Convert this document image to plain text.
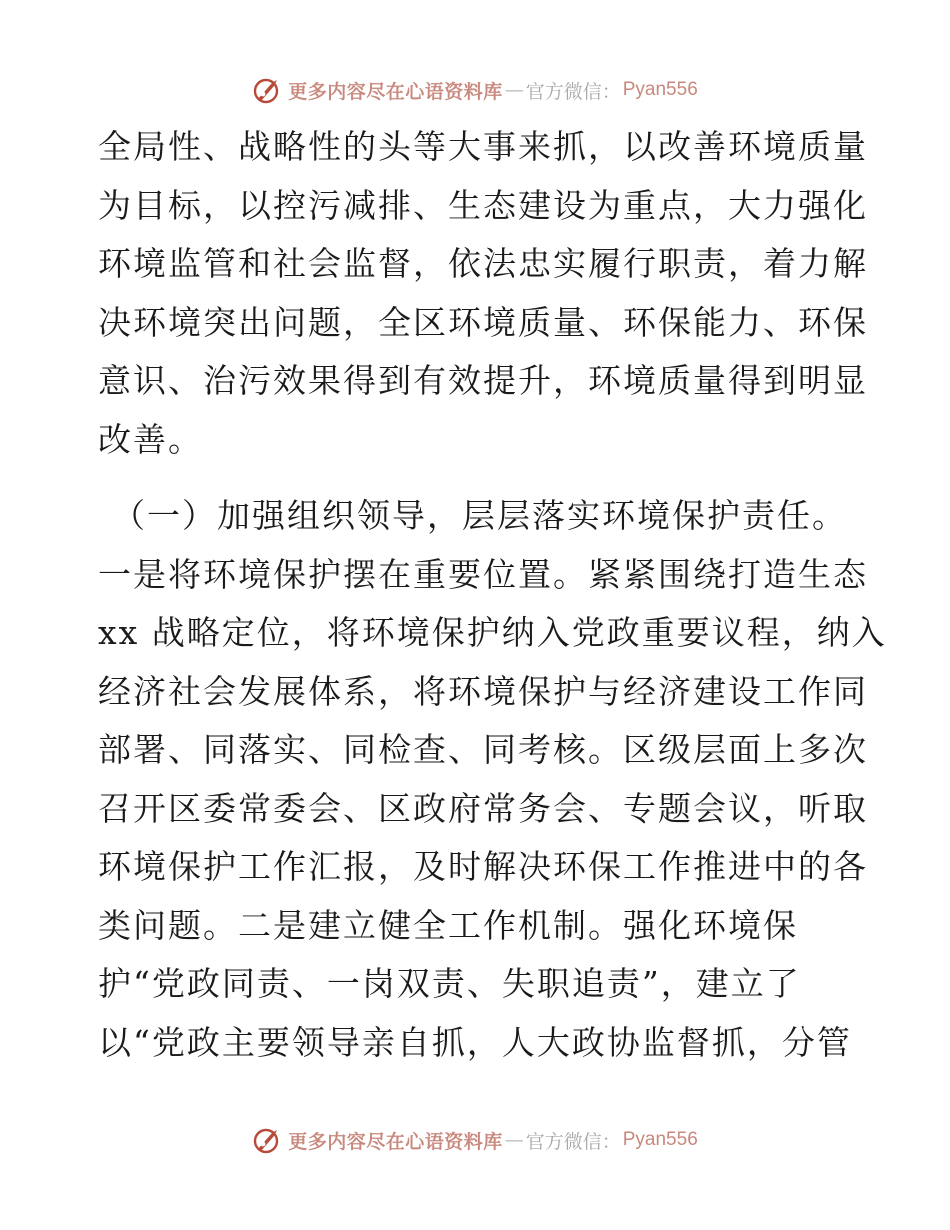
更多内容尽在心语资料库 — 官方微信： Pyan556
全局性、战略性的头等大事来抓，以改善环境质量
为目标，以控污减排、生态建设为重点，大力强化
环境监管和社会监督，依法忠实履行职责，着力解
决环境突出问题，全区环境质量、环保能力、环保
意识、治污效果得到有效提升，环境质量得到明显
改善。
（一）加强组织领导，层层落实环境保护责任。
一是将环境保护摆在重要位置。紧紧围绕打造生态
xx 战略定位，将环境保护纳入党政重要议程，纳入
经济社会发展体系，将环境保护与经济建设工作同
部署、同落实、同检查、同考核。区级层面上多次
召开区委常委会、区政府常务会、专题会议，听取
环境保护工作汇报，及时解决环保工作推进中的各
类问题。二是建立健全工作机制。强化环境保
护“党政同责、一岗双责、失职追责”，建立了
以“党政主要领导亲自抓，人大政协监督抓，分管
更多内容尽在心语资料库 — 官方微信： Pyan556
